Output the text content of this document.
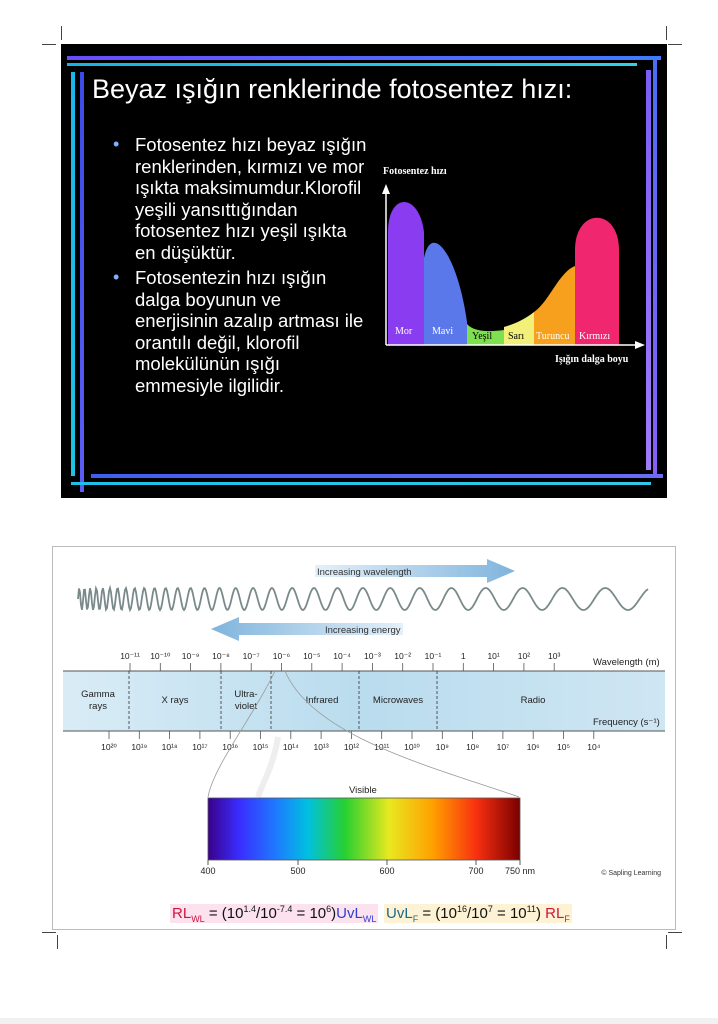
Beyaz ışığın renklerinde fotosentez hızı:
• Fotosentez hızı beyaz ışığın renklerinden, kırmızı ve mor ışıkta maksimumdur.Klorofil yeşili yansıttığından fotosentez hızı yeşil ışıkta en düşüktür.
• Fotosentezin hızı ışığın dalga boyunun ve enerjisinin azalıp artması ile orantılı değil, klorofil molekülünün ışığı emmesiyle ilgilidir.
Fotosentez hızı
Mor Mavi Yeşil Sarı Turuncu Kırmızı
Işığın dalga boyu
Increasing wavelength
Increasing energy
10⁻¹¹ 10⁻¹⁰ 10⁻⁹ 10⁻⁸ 10⁻⁷ 10⁻⁶ 10⁻⁵ 10⁻⁴ 10⁻³ 10⁻² 10⁻¹ 1	10¹ 10² 10³
Wavelength (m)
Gamma rays
X rays
Ultra-violet
Infrared	Microwaves	Radio
Frequency (s⁻¹)
10²⁰ 10¹⁹ 10¹⁸ 10¹⁷ 10¹⁶ 10¹⁵ 10¹⁴ 10¹³ 10¹² 10¹¹ 10¹⁰ 10⁹ 10⁸ 10⁷ 10⁶ 10⁵ 10⁴
Visible
400	500	600	700 750 nm	© Sapling Learning
$RL_{WL} = (10^{1.4}/10^{-7.4} = 10^6)UvL_{WL}$ $UvL_F = (10^{16}/10^7 = 10^{11})$ $RL_F$
